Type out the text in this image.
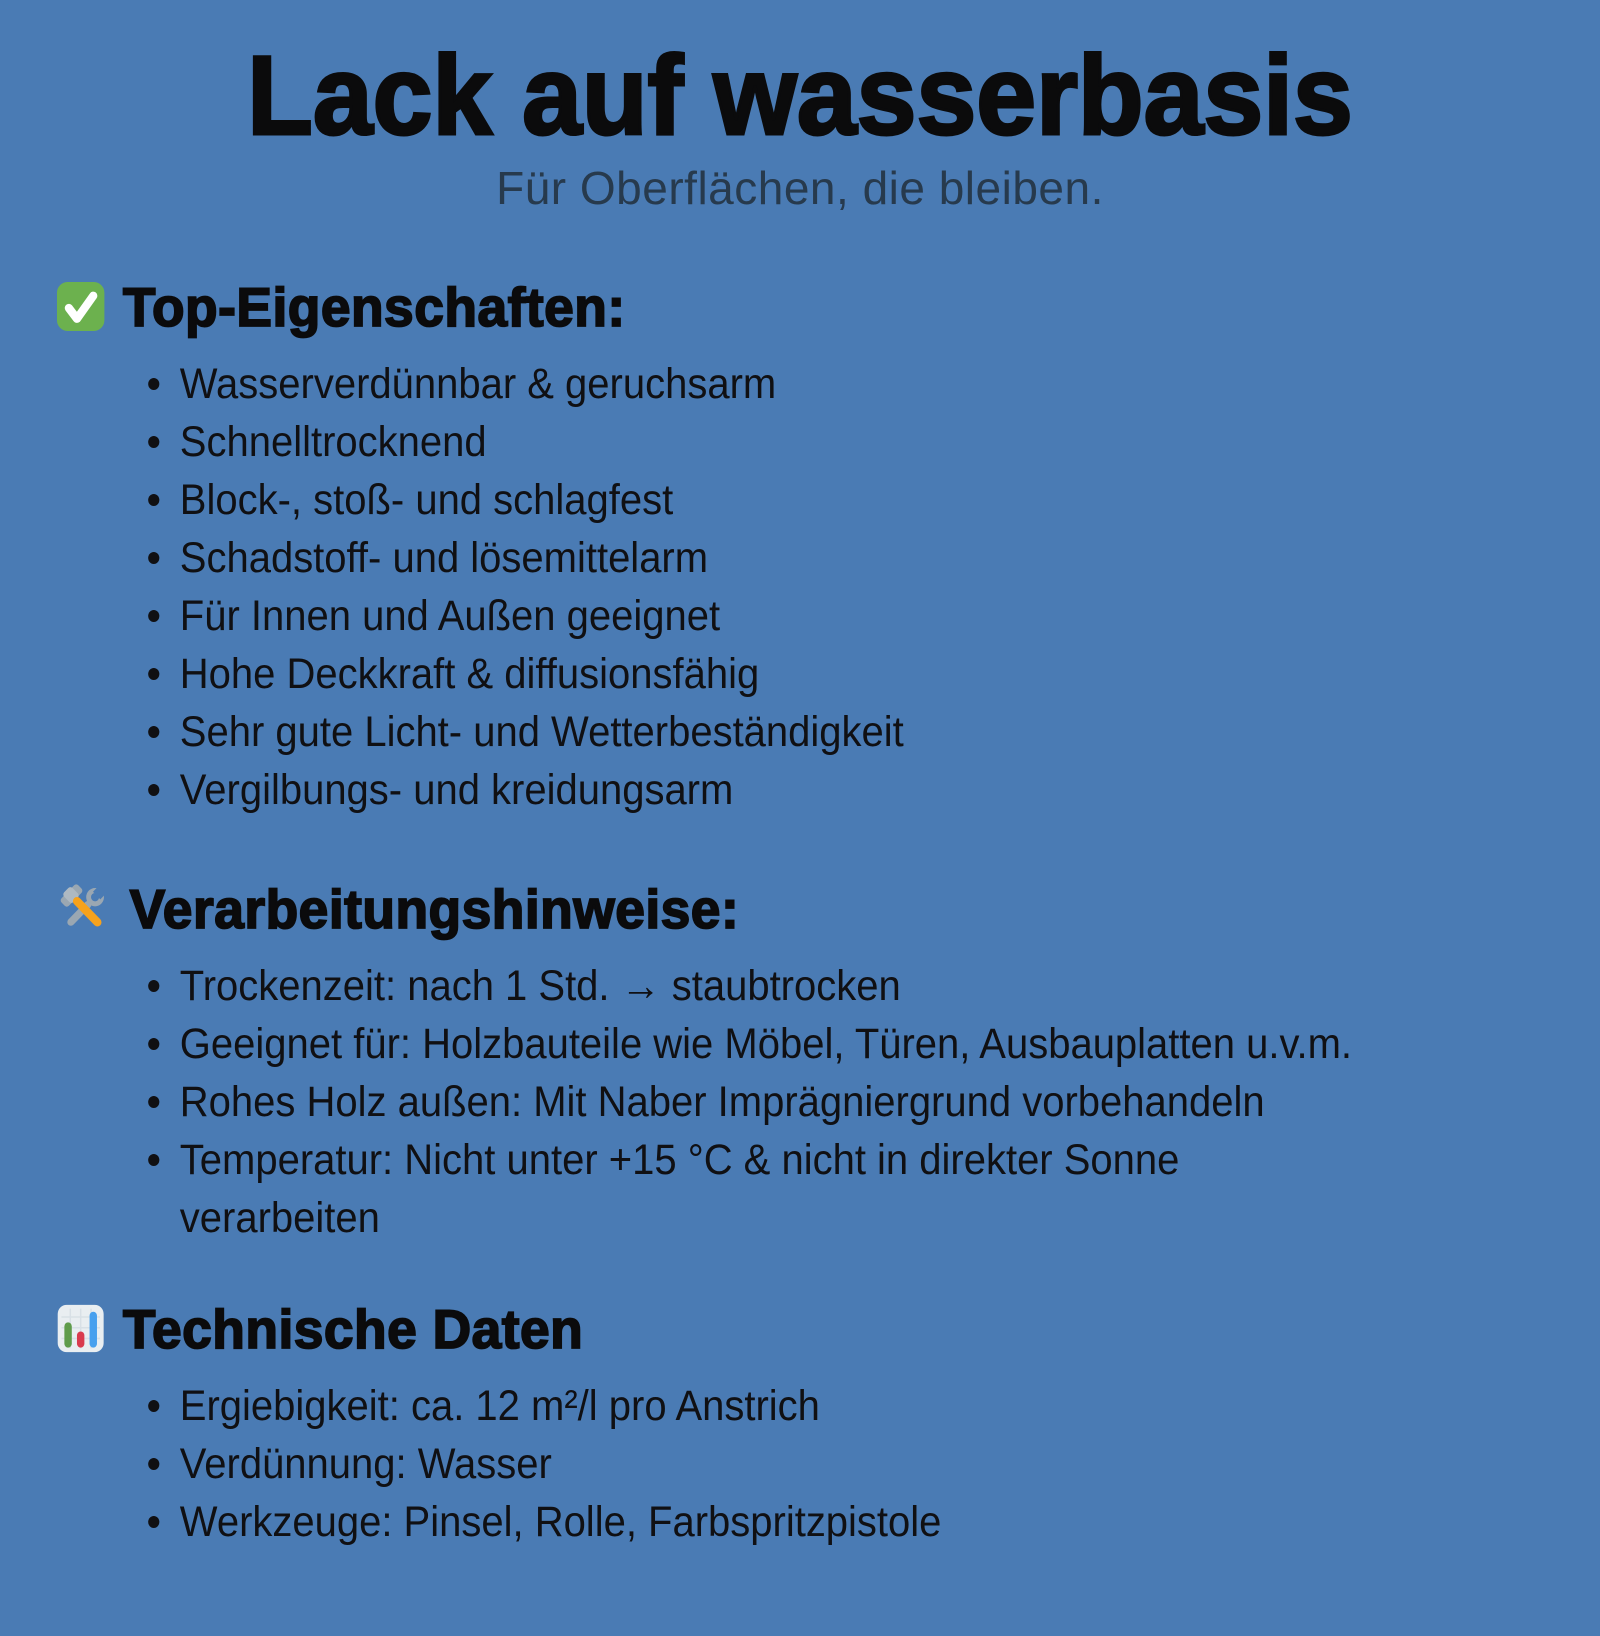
Lack auf wasserbasis
Für Oberflächen, die bleiben.
Top-Eigenschaften:
Wasserverdünnbar & geruchsarm
Schnelltrocknend
Block-, stoß- und schlagfest
Schadstoff- und lösemittelarm
Für Innen und Außen geeignet
Hohe Deckkraft & diffusionsfähig
Sehr gute Licht- und Wetterbeständigkeit
Vergilbungs- und kreidungsarm
Verarbeitungshinweise:
Trockenzeit: nach 1 Std. → staubtrocken
Geeignet für: Holzbauteile wie Möbel, Türen, Ausbauplatten u.v.m.
Rohes Holz außen: Mit Naber Imprägniergrund vorbehandeln
Temperatur: Nicht unter +15 °C & nicht in direkter Sonne verarbeiten
Technische Daten
Ergiebigkeit: ca. 12 m²/l pro Anstrich
Verdünnung: Wasser
Werkzeuge: Pinsel, Rolle, Farbspritzpistole
